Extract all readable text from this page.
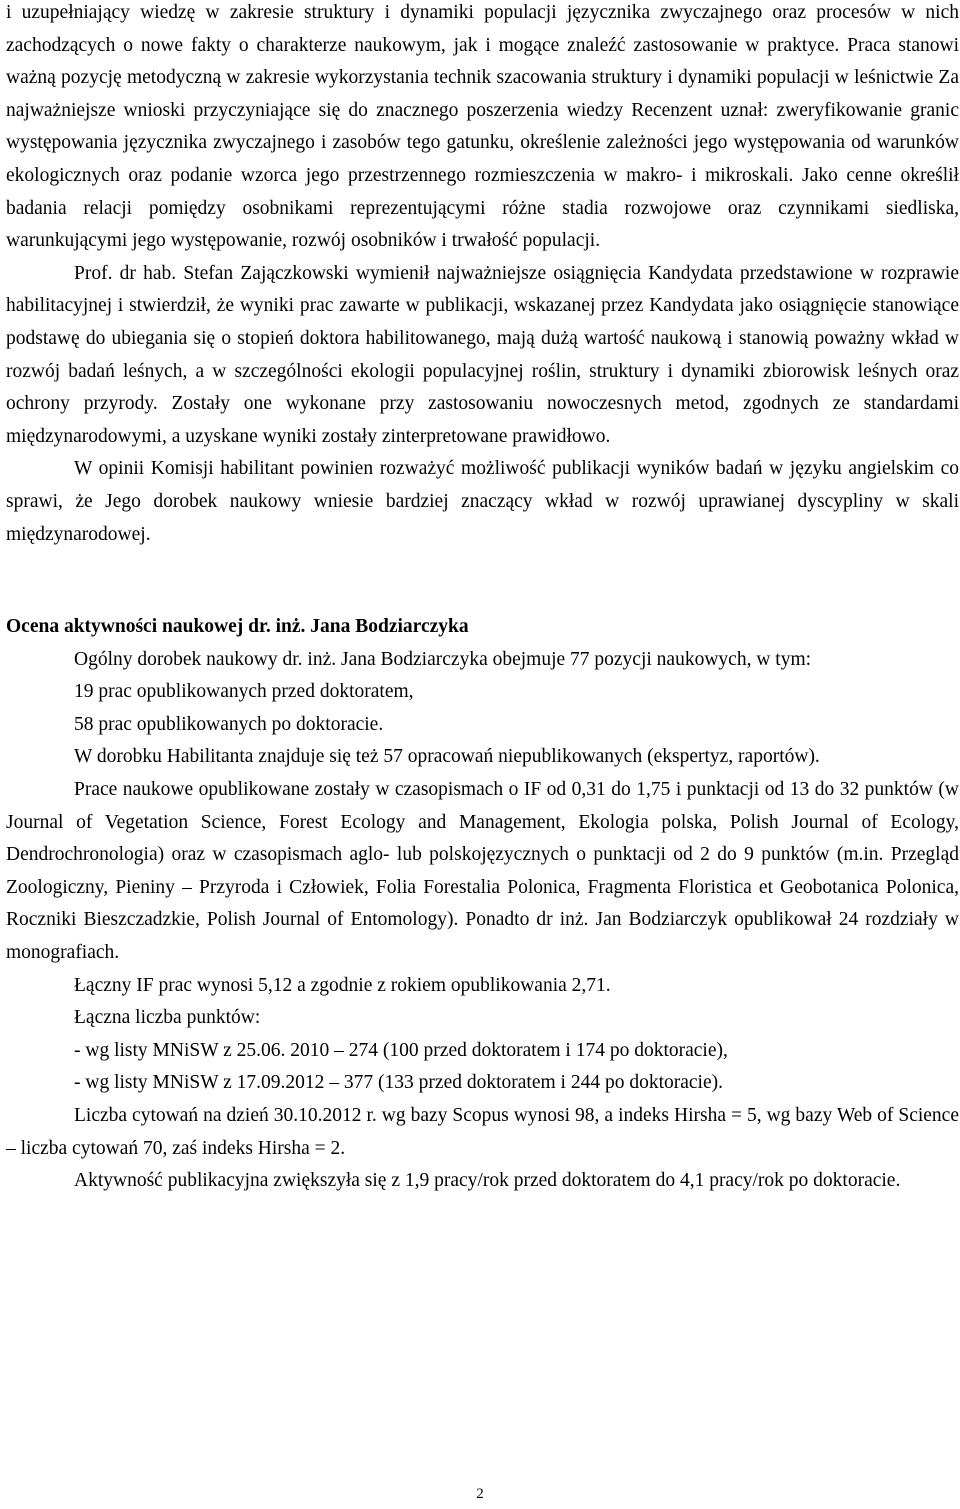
i uzupełniający wiedzę w zakresie struktury i dynamiki populacji języcznika zwyczajnego oraz procesów w nich zachodzących o nowe fakty o charakterze naukowym, jak i mogące znaleźć zastosowanie w praktyce. Praca stanowi ważną pozycję metodyczną w zakresie wykorzystania technik szacowania struktury i dynamiki populacji w leśnictwie Za najważniejsze wnioski przyczyniające się do znacznego poszerzenia wiedzy Recenzent uznał: zweryfikowanie granic występowania języcznika zwyczajnego i zasobów tego gatunku, określenie zależności jego występowania od warunków ekologicznych oraz podanie wzorca jego przestrzennego rozmieszczenia w makro- i mikroskali. Jako cenne określił badania relacji pomiędzy osobnikami reprezentującymi różne stadia rozwojowe oraz czynnikami siedliska, warunkującymi jego występowanie, rozwój osobników i trwałość populacji.

Prof. dr hab. Stefan Zajączkowski wymienił najważniejsze osiągnięcia Kandydata przedstawione w rozprawie habilitacyjnej i stwierdził, że wyniki prac zawarte w publikacji, wskazanej przez Kandydata jako osiągnięcie stanowiące podstawę do ubiegania się o stopień doktora habilitowanego, mają dużą wartość naukową i stanowią poważny wkład w rozwój badań leśnych, a w szczególności ekologii populacyjnej roślin, struktury i dynamiki zbiorowisk leśnych oraz ochrony przyrody. Zostały one wykonane przy zastosowaniu nowoczesnych metod, zgodnych ze standardami międzynarodowymi, a uzyskane wyniki zostały zinterpretowane prawidłowo.

W opinii Komisji habilitant powinien rozważyć możliwość publikacji wyników badań w języku angielskim co sprawi, że Jego dorobek naukowy wniesie bardziej znaczący wkład w rozwój uprawianej dyscypliny w skali międzynarodowej.

Ocena aktywności naukowej dr. inż. Jana Bodziarczyka

Ogólny dorobek naukowy dr. inż. Jana Bodziarczyka obejmuje 77 pozycji naukowych, w tym:

19 prac opublikowanych przed doktoratem,
58 prac opublikowanych po doktoracie.

W dorobku Habilitanta znajduje się też 57 opracowań niepublikowanych (ekspertyz, raportów).

Prace naukowe opublikowane zostały w czasopismach o IF od 0,31 do 1,75 i punktacji od 13 do 32 punktów (w Journal of Vegetation Science, Forest Ecology and Management, Ekologia polska, Polish Journal of Ecology, Dendrochronologia) oraz w czasopismach aglo- lub polskojęzycznych o punktacji od 2 do 9 punktów (m.in. Przegląd Zoologiczny, Pieniny – Przyroda i Człowiek, Folia Forestalia Polonica, Fragmenta Floristica et Geobotanica Polonica, Roczniki Bieszczadzkie, Polish Journal of Entomology). Ponadto dr inż. Jan Bodziarczyk opublikował 24 rozdziały w monografiach.

Łączny IF prac wynosi 5,12 a zgodnie z rokiem opublikowania 2,71.
Łączna liczba punktów:
- wg listy MNiSW z 25.06. 2010 – 274 (100 przed doktoratem i 174 po doktoracie),
- wg listy MNiSW z 17.09.2012 – 377 (133 przed doktoratem i 244 po doktoracie).

Liczba cytowań na dzień 30.10.2012 r. wg bazy Scopus wynosi 98, a indeks Hirsha = 5, wg bazy Web of Science – liczba cytowań 70, zaś indeks Hirsha = 2.

Aktywność publikacyjna zwiększyła się z 1,9 pracy/rok przed doktoratem do 4,1 pracy/rok po doktoracie.

2
